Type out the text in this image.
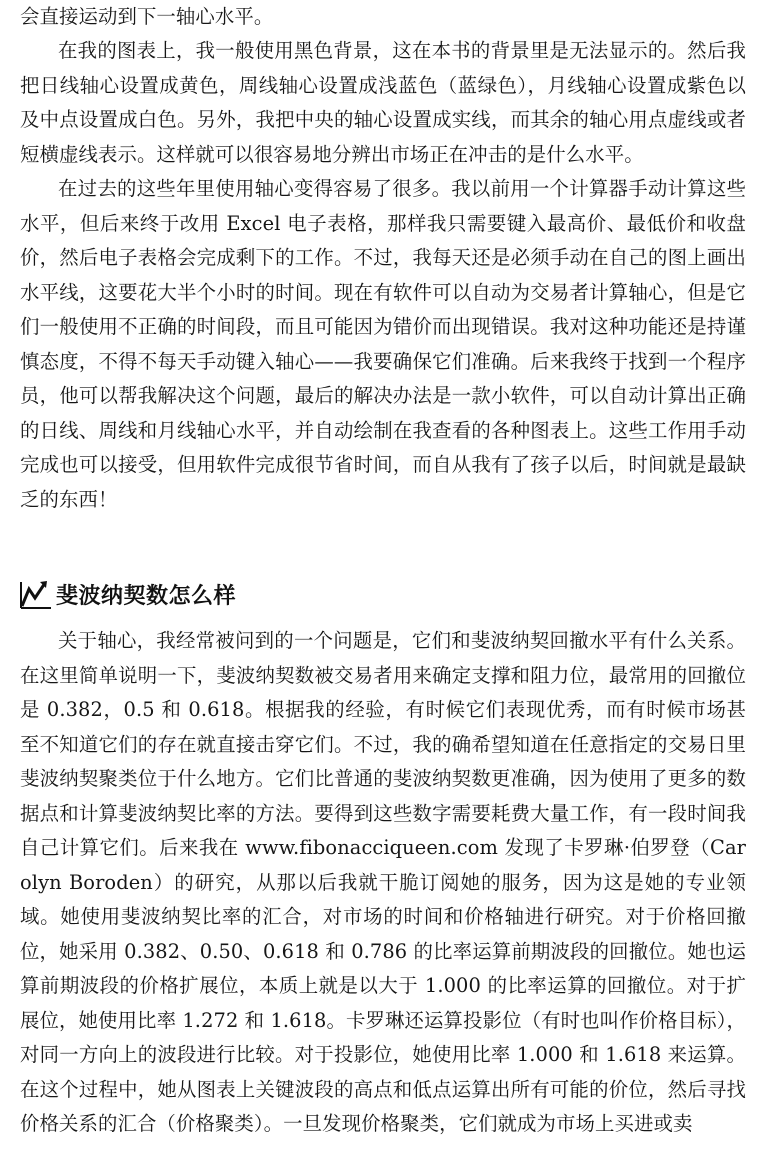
会直接运动到下一轴心水平。

在我的图表上，我一般使用黑色背景，这在本书的背景里是无法显示的。然后我把日线轴心设置成黄色，周线轴心设置成浅蓝色（蓝绿色），月线轴心设置成紫色以及中点设置成白色。另外，我把中央的轴心设置成实线，而其余的轴心用点虚线或者短横虚线表示。这样就可以很容易地分辨出市场正在冲击的是什么水平。

在过去的这些年里使用轴心变得容易了很多。我以前用一个计算器手动计算这些水平，但后来终于改用 Excel 电子表格，那样我只需要键入最高价、最低价和收盘价，然后电子表格会完成剩下的工作。不过，我每天还是必须手动在自己的图上画出水平线，这要花大半个小时的时间。现在有软件可以自动为交易者计算轴心，但是它们一般使用不正确的时间段，而且可能因为错价而出现错误。我对这种功能还是持谨慎态度，不得不每天手动键入轴心——我要确保它们准确。后来我终于找到一个程序员，他可以帮我解决这个问题，最后的解决办法是一款小软件，可以自动计算出正确的日线、周线和月线轴心水平，并自动绘制在我查看的各种图表上。这些工作用手动完成也可以接受，但用软件完成很节省时间，而自从我有了孩子以后，时间就是最缺乏的东西！

斐波纳契数怎么样

关于轴心，我经常被问到的一个问题是，它们和斐波纳契回撤水平有什么关系。在这里简单说明一下，斐波纳契数被交易者用来确定支撑和阻力位，最常用的回撤位是 0.382，0.5 和 0.618。根据我的经验，有时候它们表现优秀，而有时候市场甚至不知道它们的存在就直接击穿它们。不过，我的确希望知道在任意指定的交易日里斐波纳契聚类位于什么地方。它们比普通的斐波纳契数更准确，因为使用了更多的数据点和计算斐波纳契比率的方法。要得到这些数字需要耗费大量工作，有一段时间我自己计算它们。后来我在 www.fibonacciqueen.com 发现了卡罗琳·伯罗登（Carolyn Boroden）的研究，从那以后我就干脆订阅她的服务，因为这是她的专业领域。她使用斐波纳契比率的汇合，对市场的时间和价格轴进行研究。对于价格回撤位，她采用 0.382、0.50、0.618 和 0.786 的比率运算前期波段的回撤位。她也运算前期波段的价格扩展位，本质上就是以大于 1.000 的比率运算的回撤位。对于扩展位，她使用比率 1.272 和 1.618。卡罗琳还运算投影位（有时也叫作价格目标），对同一方向上的波段进行比较。对于投影位，她使用比率 1.000 和 1.618 来运算。在这个过程中，她从图表上关键波段的高点和低点运算出所有可能的价位，然后寻找价格关系的汇合（价格聚类）。一旦发现价格聚类，它们就成为市场上买进或卖
